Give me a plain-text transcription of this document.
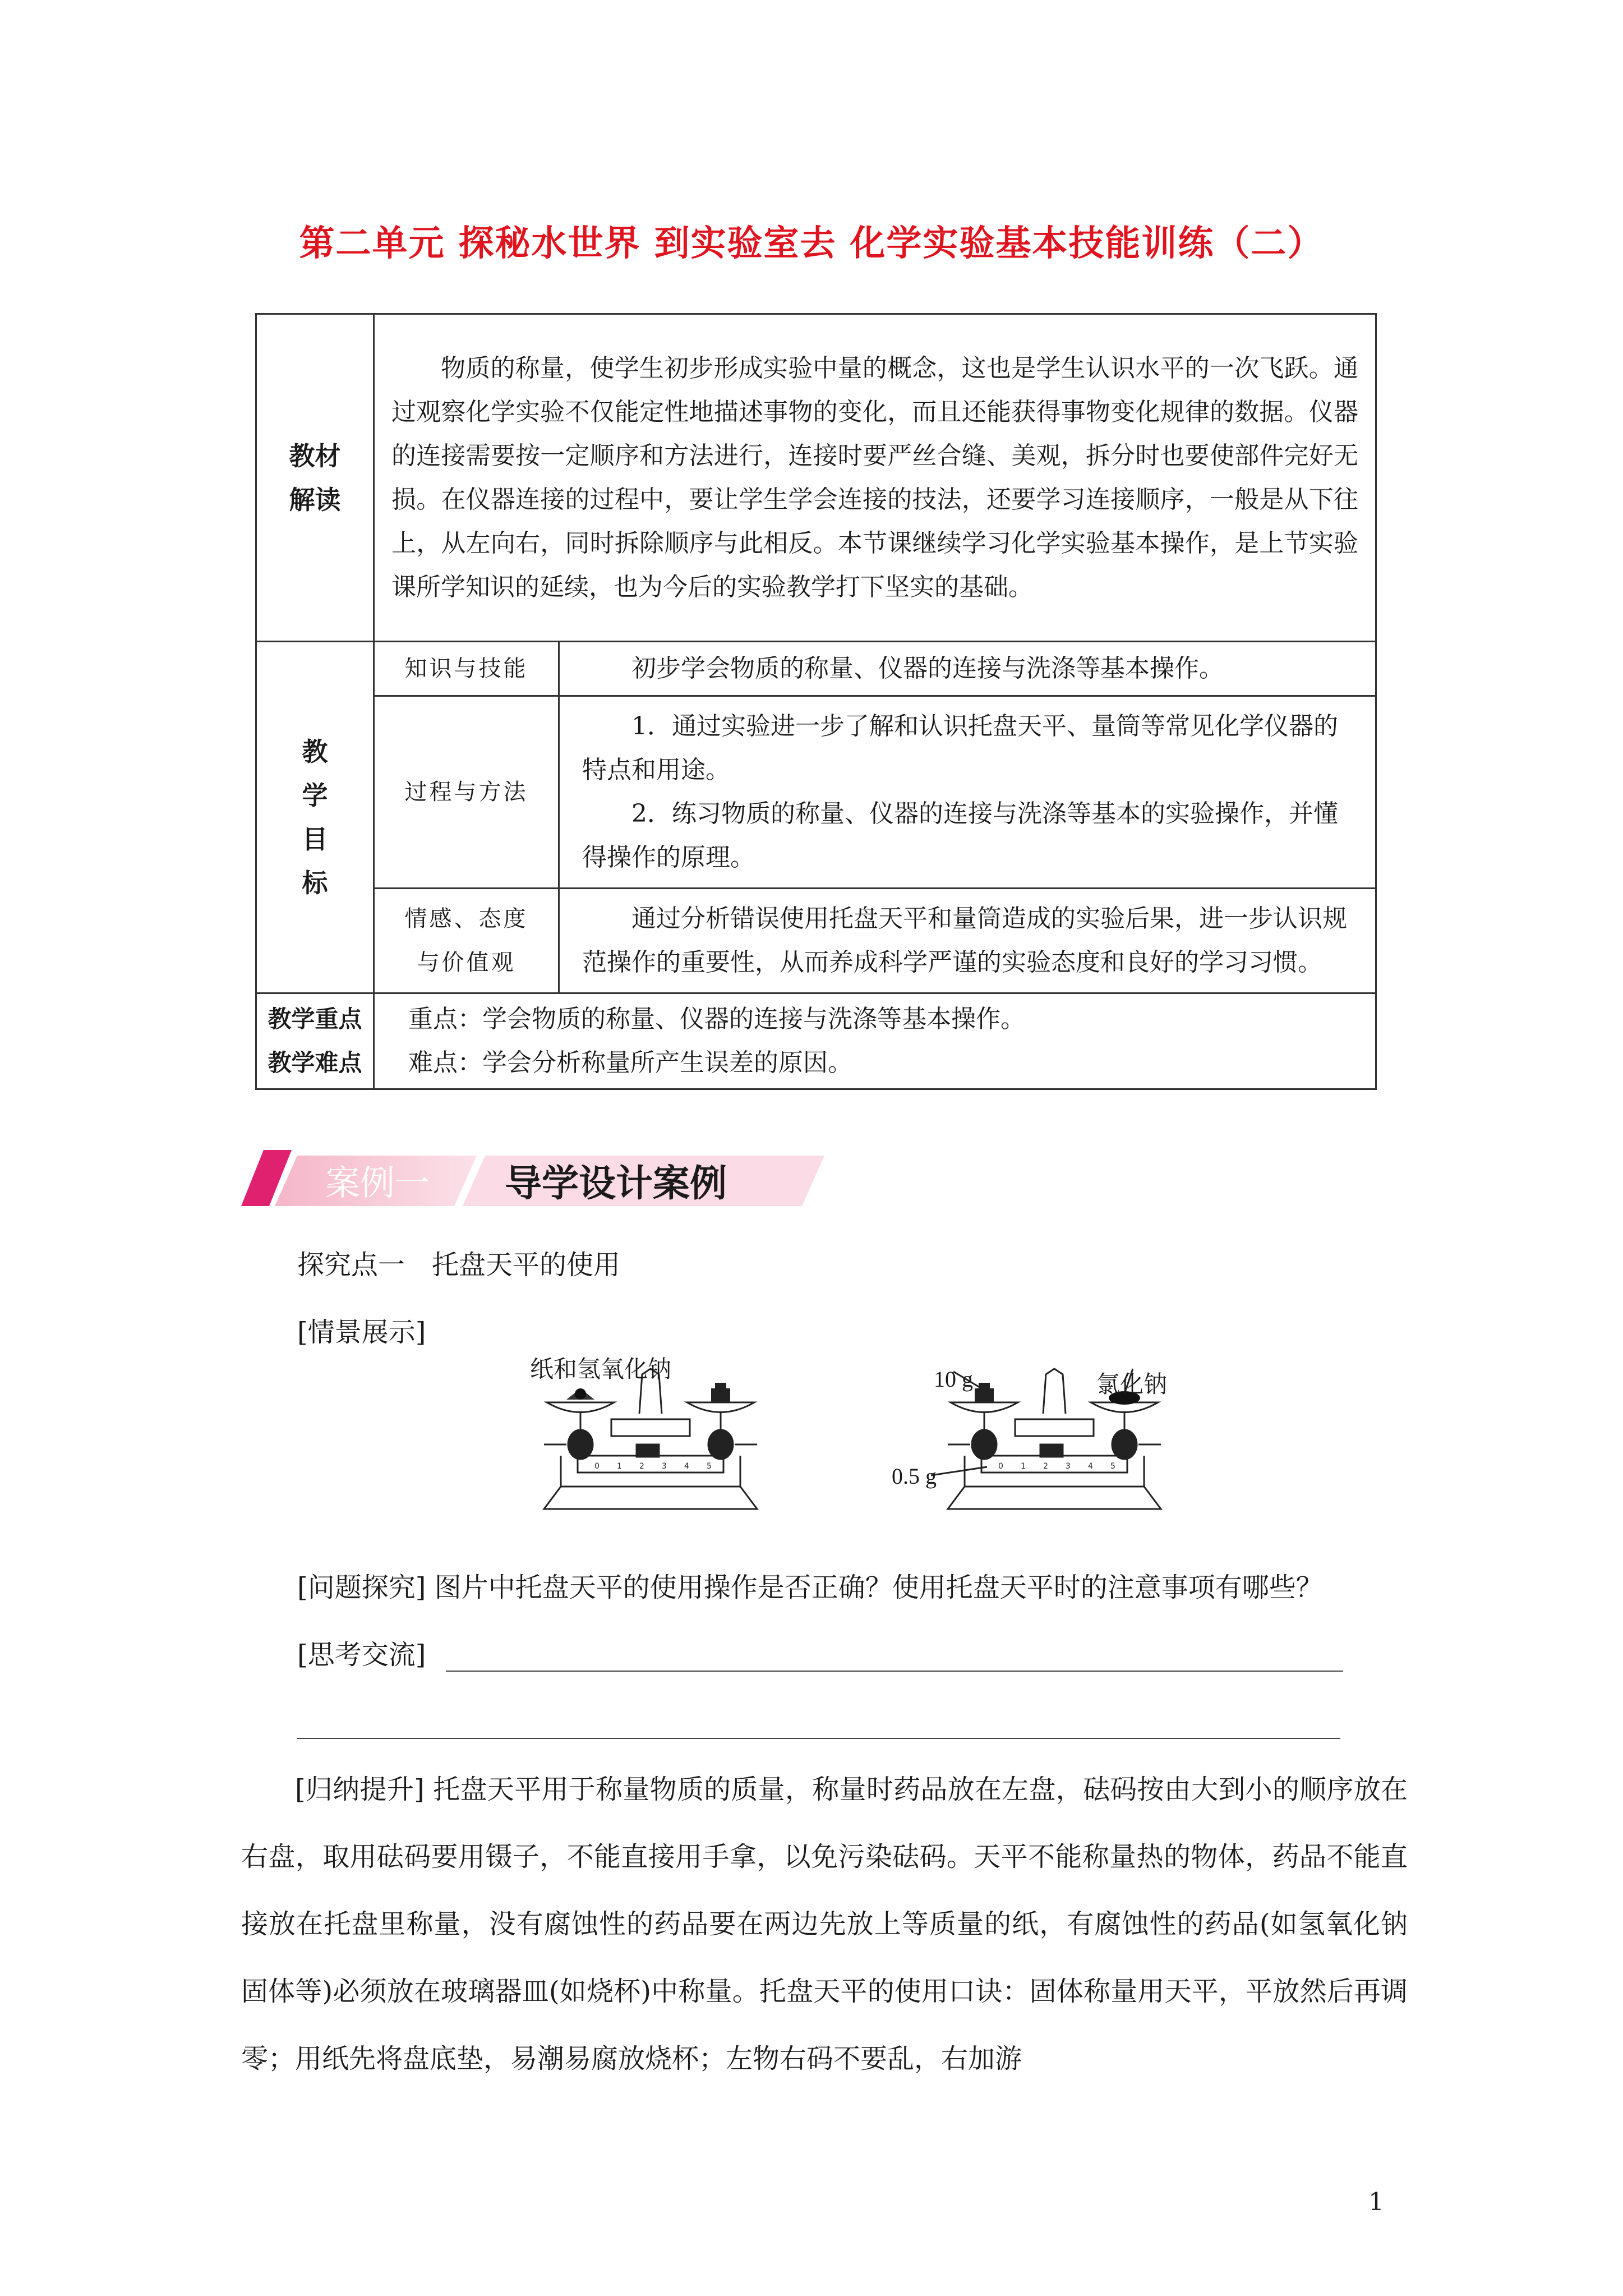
第二单元 探秘水世界 到实验室去 化学实验基本技能训练（二）
教材
解读	物质的称量，使学生初步形成实验中量的概念，这也是学生认识水平的一次飞跃。通过观察化学实验不仅能定性地描述事物的变化，而且还能获得事物变化规律的数据。仪器的连接需要按一定顺序和方法进行，连接时要严丝合缝、美观，拆分时也要使部件完好无损。在仪器连接的过程中，要让学生学会连接的技法，还要学习连接顺序，一般是从下往上，从左向右，同时拆除顺序与此相反。本节课继续学习化学实验基本操作，是上节实验课所学知识的延续，也为今后的实验教学打下坚实的基础。	

教
学
目
标	知识与技能	初步学会物质的称量、仪器的连接与洗涤等基本操作。

	过程与方法	1．通过实验进一步了解和认识托盘天平、量筒等常见化学仪器的特点和用途。

2．练习物质的称量、仪器的连接与洗涤等基本的实验操作，并懂得操作的原理。

	情感、态度
与价值观	通过分析错误使用托盘天平和量筒造成的实验后果，进一步认识规范操作的重要性，从而养成科学严谨的实验态度和良好的学习习惯。

教学重点
教学难点	重点：学会物质的称量、仪器的连接与洗涤等基本操作。
难点：学会分析称量所产生误差的原因。	
案例一 导学设计案例

探究点一　托盘天平的使用

[情景展示]

0 1 2 3 4 5
纸和氢氧化钠
0 1 2 3 4 5
10 g	氯化钠
0.5 g

[问题探究] 图片中托盘天平的使用操作是否正确？使用托盘天平时的注意事项有哪些？

[思考交流]

[归纳提升] 托盘天平用于称量物质的质量，称量时药品放在左盘，砝码按由大到小的顺序放在右盘，取用砝码要用镊子，不能直接用手拿，以免污染砝码。天平不能称量热的物体，药品不能直接放在托盘里称量，没有腐蚀性的药品要在两边先放上等质量的纸，有腐蚀性的药品(如氢氧化钠固体等)必须放在玻璃器皿(如烧杯)中称量。托盘天平的使用口诀：固体称量用天平，平放然后再调零；用纸先将盘底垫，易潮易腐放烧杯；左物右码不要乱，右加游

1
